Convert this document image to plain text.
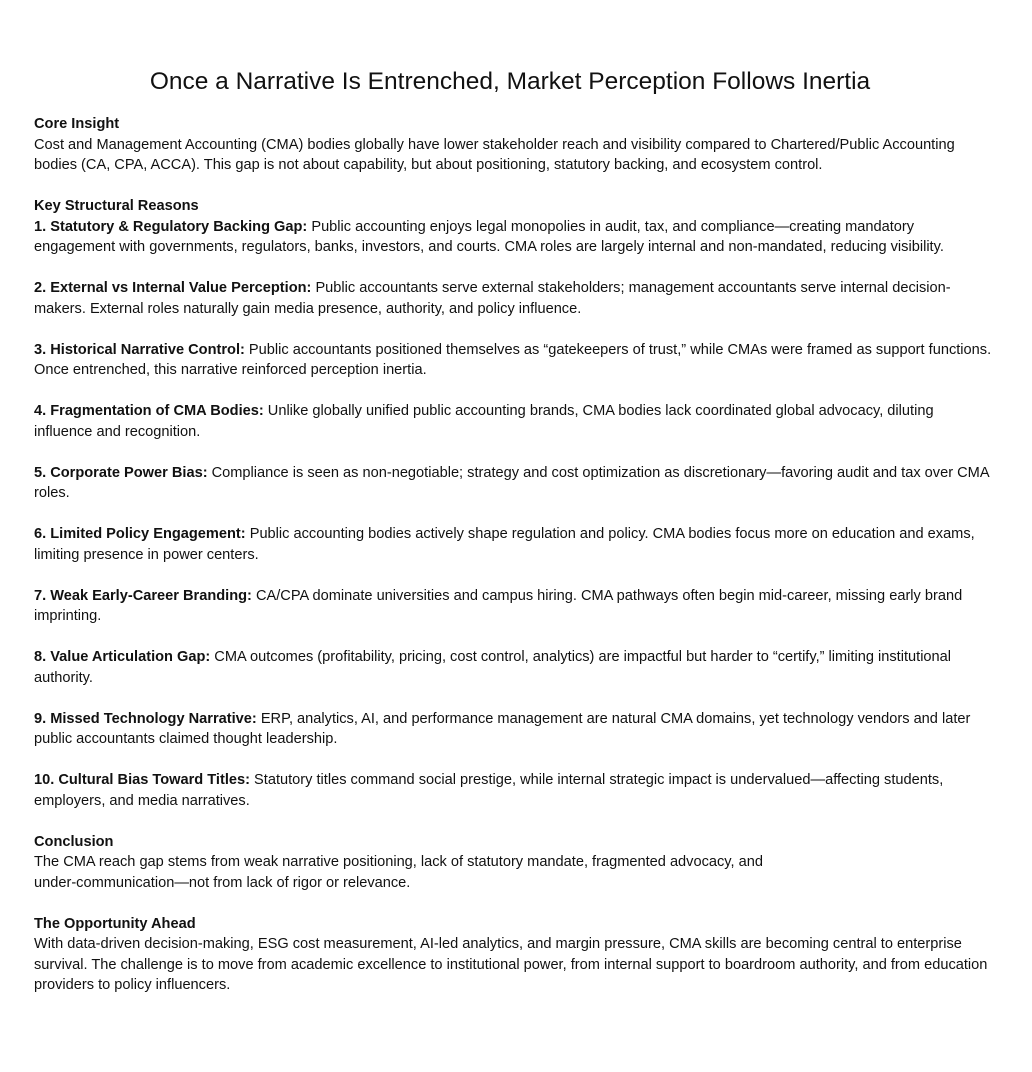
Once a Narrative Is Entrenched, Market Perception Follows Inertia
Core Insight

Cost and Management Accounting (CMA) bodies globally have lower stakeholder reach and visibility compared to Chartered/Public Accounting bodies (CA, CPA, ACCA). This gap is not about capability, but about positioning, statutory backing, and ecosystem control.

Key Structural Reasons

1. Statutory & Regulatory Backing Gap: Public accounting enjoys legal monopolies in audit, tax, and compliance—creating mandatory engagement with governments, regulators, banks, investors, and courts. CMA roles are largely internal and non-mandated, reducing visibility.

2. External vs Internal Value Perception: Public accountants serve external stakeholders; management accountants serve internal decision-makers. External roles naturally gain media presence, authority, and policy influence.

3. Historical Narrative Control: Public accountants positioned themselves as “gatekeepers of trust,” while CMAs were framed as support functions. Once entrenched, this narrative reinforced perception inertia.

4. Fragmentation of CMA Bodies: Unlike globally unified public accounting brands, CMA bodies lack coordinated global advocacy, diluting influence and recognition.

5. Corporate Power Bias: Compliance is seen as non-negotiable; strategy and cost optimization as discretionary—favoring audit and tax over CMA roles.

6. Limited Policy Engagement: Public accounting bodies actively shape regulation and policy. CMA bodies focus more on education and exams, limiting presence in power centers.

7. Weak Early-Career Branding: CA/CPA dominate universities and campus hiring. CMA pathways often begin mid-career, missing early brand imprinting.

8. Value Articulation Gap: CMA outcomes (profitability, pricing, cost control, analytics) are impactful but harder to “certify,” limiting institutional authority.

9. Missed Technology Narrative: ERP, analytics, AI, and performance management are natural CMA domains, yet technology vendors and later public accountants claimed thought leadership.

10. Cultural Bias Toward Titles: Statutory titles command social prestige, while internal strategic impact is undervalued—affecting students, employers, and media narratives.

Conclusion

The CMA reach gap stems from weak narrative positioning, lack of statutory mandate, fragmented advocacy, and

under-communication—not from lack of rigor or relevance.

The Opportunity Ahead

With data-driven decision-making, ESG cost measurement, AI-led analytics, and margin pressure, CMA skills are becoming central to enterprise survival. The challenge is to move from academic excellence to institutional power, from internal support to boardroom authority, and from education providers to policy influencers.
